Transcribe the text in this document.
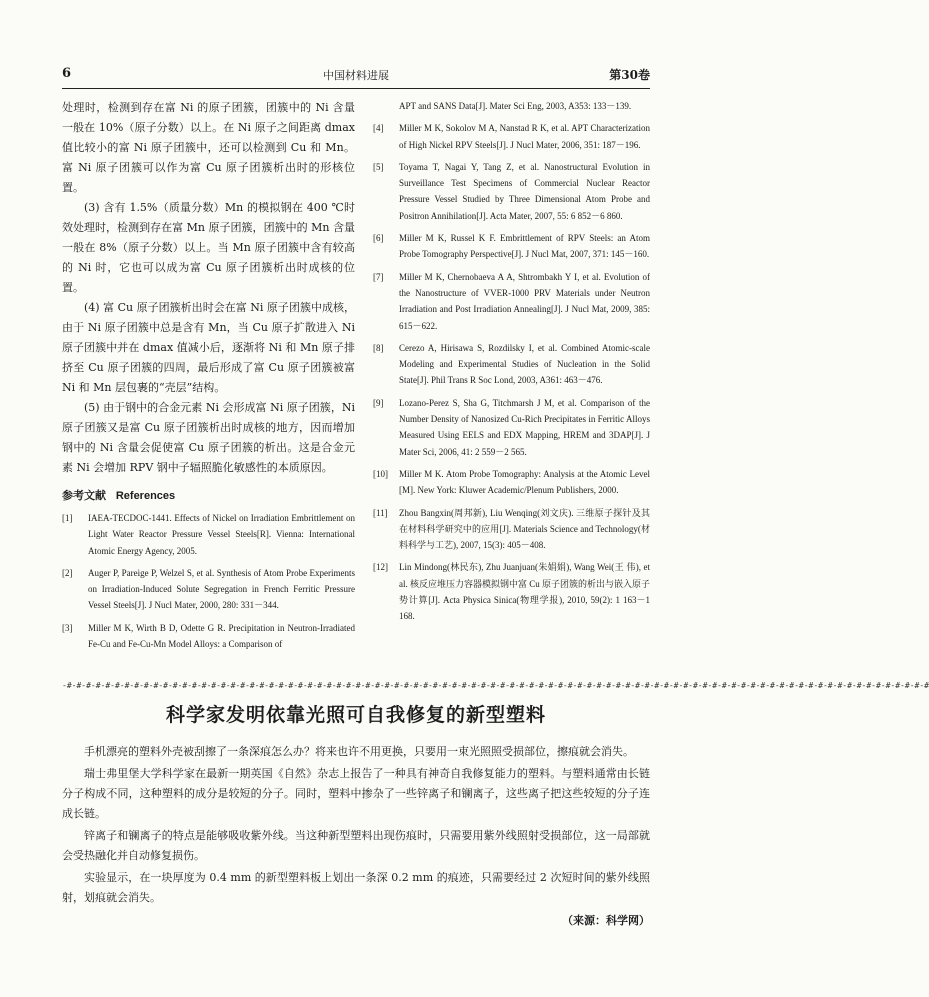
6	中国材料进展	第30卷

处理时，检测到存在富 Ni 的原子团簇，团簇中的 Ni 含量一般在 10%（原子分数）以上。在 Ni 原子之间距离 dmax 值比较小的富 Ni 原子团簇中，还可以检测到 Cu 和 Mn。富 Ni 原子团簇可以作为富 Cu 原子团簇析出时的形核位置。

(3) 含有 1.5%（质量分数）Mn 的模拟钢在 400 ℃时效处理时，检测到存在富 Mn 原子团簇，团簇中的 Mn 含量一般在 8%（原子分数）以上。当 Mn 原子团簇中含有较高的 Ni 时，它也可以成为富 Cu 原子团簇析出时成核的位置。

(4) 富 Cu 原子团簇析出时会在富 Ni 原子团簇中成核，由于 Ni 原子团簇中总是含有 Mn，当 Cu 原子扩散进入 Ni 原子团簇中并在 dmax 值减小后，逐渐将 Ni 和 Mn 原子排挤至 Cu 原子团簇的四周，最后形成了富 Cu 原子团簇被富 Ni 和 Mn 层包裹的“壳层”结构。

(5) 由于钢中的合金元素 Ni 会形成富 Ni 原子团簇，Ni 原子团簇又是富 Cu 原子团簇析出时成核的地方，因而增加钢中的 Ni 含量会促使富 Cu 原子团簇的析出。这是合金元素 Ni 会增加 RPV 钢中子辐照脆化敏感性的本质原因。

参考文献 References
[1] IAEA-TECDOC-1441. Effects of Nickel on Irradiation Embrittlement on Light Water Reactor Pressure Vessel Steels[R]. Vienna: International Atomic Energy Agency, 2005.
[2] Auger P, Pareige P, Welzel S, et al. Synthesis of Atom Probe Experiments on Irradiation-Induced Solute Segregation in French Ferritic Pressure Vessel Steels[J]. J Nucl Mater, 2000, 280: 331－344.
[3] Miller M K, Wirth B D, Odette G R. Precipitation in Neutron-Irradiated Fe-Cu and Fe-Cu-Mn Model Alloys: a Comparison of
APT and SANS Data[J]. Mater Sci Eng, 2003, A353: 133－139.
[4] Miller M K, Sokolov M A, Nanstad R K, et al. APT Characterization of High Nickel RPV Steels[J]. J Nucl Mater, 2006, 351: 187－196.
[5] Toyama T, Nagai Y, Tang Z, et al. Nanostructural Evolution in Surveillance Test Specimens of Commercial Nuclear Reactor Pressure Vessel Studied by Three Dimensional Atom Probe and Positron Annihilation[J]. Acta Mater, 2007, 55: 6 852－6 860.
[6] Miller M K, Russel K F. Embrittlement of RPV Steels: an Atom Probe Tomography Perspective[J]. J Nucl Mat, 2007, 371: 145－160.
[7] Miller M K, Chernobaeva A A, Shtrombakh Y I, et al. Evolution of the Nanostructure of VVER-1000 PRV Materials under Neutron Irradiation and Post Irradiation Annealing[J]. J Nucl Mat, 2009, 385: 615－622.
[8] Cerezo A, Hirisawa S, Rozdilsky I, et al. Combined Atomic-scale Modeling and Experimental Studies of Nucleation in the Solid State[J]. Phil Trans R Soc Lond, 2003, A361: 463－476.
[9] Lozano-Perez S, Sha G, Titchmarsh J M, et al. Comparison of the Number Density of Nanosized Cu-Rich Precipitates in Ferritic Alloys Measured Using EELS and EDX Mapping, HREM and 3DAP[J]. J Mater Sci, 2006, 41: 2 559－2 565.
[10] Miller M K. Atom Probe Tomography: Analysis at the Atomic Level [M]. New York: Kluwer Academic/Plenum Publishers, 2000.
[11] Zhou Bangxin(周邦新), Liu Wenqing(刘文庆). 三维原子探针及其在材料科学研究中的应用[J]. Materials Science and Technology(材料科学与工艺), 2007, 15(3): 405－408.
[12] Lin Mindong(林民东), Zhu Juanjuan(朱娟娟), Wang Wei(王 伟), et al. 核反应堆压力容器模拟钢中富 Cu 原子团簇的析出与嵌入原子势计算[J]. Acta Physica Sinica(物理学报), 2010, 59(2): 1 163－1 168.
-#-#-#-#-#-#-#-#-#-#-#-#-#-#-#-#-#-#-#-#-#-#-#-#-#-#-#-#-#-#-#-#-#-#-#-#-#-#-#-#-#-#-#-#-#-#-#-#-#-#-#-#-#-#-#-#-#-#-#-#-#-#-#-#-#-#-#-#-#-#-#-#-#-#-#-#-#-#-#-#-#-#-#-#-#-#-#-#-#-#
科学家发明依靠光照可自我修复的新型塑料

手机漂亮的塑料外壳被刮擦了一条深痕怎么办？将来也许不用更换，只要用一束光照照受损部位，擦痕就会消失。

瑞士弗里堡大学科学家在最新一期英国《自然》杂志上报告了一种具有神奇自我修复能力的塑料。与塑料通常由长链分子构成不同，这种塑料的成分是较短的分子。同时，塑料中掺杂了一些锌离子和镧离子，这些离子把这些较短的分子连成长链。

锌离子和镧离子的特点是能够吸收紫外线。当这种新型塑料出现伤痕时，只需要用紫外线照射受损部位，这一局部就会受热融化并自动修复损伤。

实验显示，在一块厚度为 0.4 mm 的新型塑料板上划出一条深 0.2 mm 的痕迹，只需要经过 2 次短时间的紫外线照射，划痕就会消失。

（来源：科学网）
